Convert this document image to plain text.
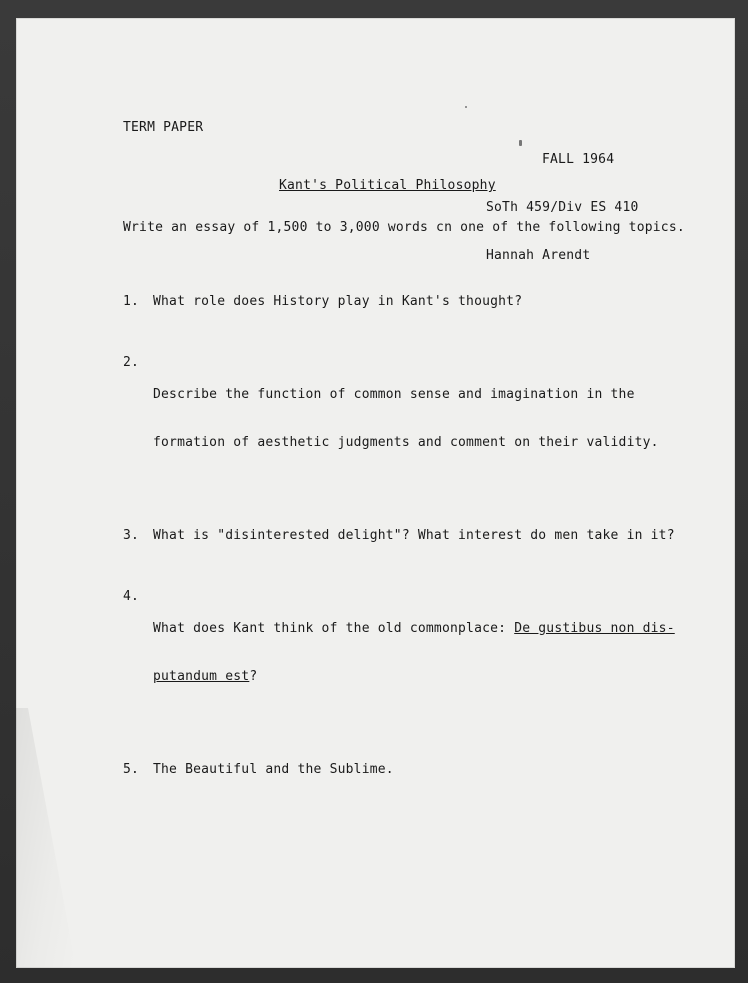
TERM PAPER

FALL 1964

SoTh 459/Div ES 410

Hannah Arendt

Kant's Political Philosophy
Write an essay of 1,500 to 3,000 words cn one of the following topics.

1.	What role does History play in Kant's thought?

2.

Describe the function of common sense and imagination in the

formation of aesthetic judgments and comment on their validity.

3.	What is "disinterested delight"? What interest do men take in it?

4.

What does Kant think of the old commonplace: De gustibus non dis-

putandum est?

5.	The Beautiful and the Sublime.
